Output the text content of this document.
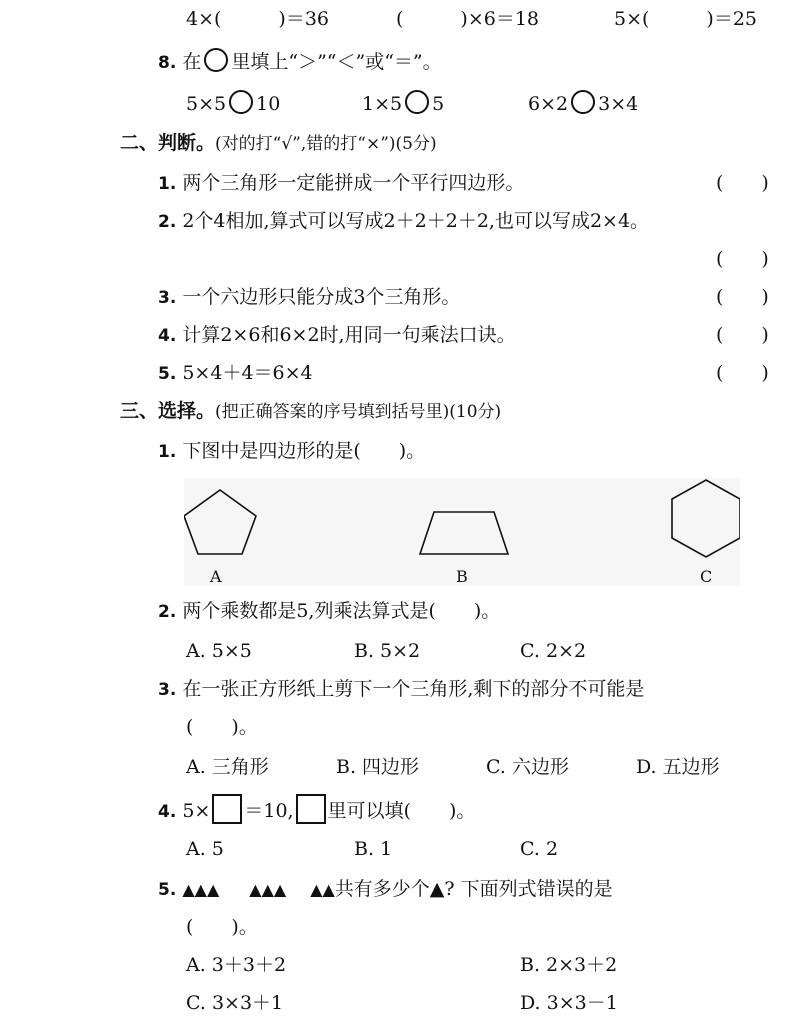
4×(　　　)＝36	(　　　)×6＝18	5×(　　　)＝25
8. 在 里填上“＞”“＜”或“＝”。
5×5 10	1×5 5	6×2 3×4
二、判断。(对的打“√”,错的打“×”)(5分)
1. 两个三角形一定能拼成一个平行四边形。	(　　)
2. 2个4相加,算式可以写成2＋2＋2＋2,也可以写成2×4。
(　　)
3. 一个六边形只能分成3个三角形。	(　　)
4. 计算2×6和6×2时,用同一句乘法口诀。	(　　)
5. 5×4＋4＝6×4	(　　)
三、选择。(把正确答案的序号填到括号里)(10分)
1. 下图中是四边形的是(　　)。
A	B	C
2. 两个乘数都是5,列乘法算式是(　　)。
A. 5×5	B. 5×2	C. 2×2
3. 在一张正方形纸上剪下一个三角形,剩下的部分不可能是
(　　)。
A. 三角形	B. 四边形	C. 六边形	D. 五边形
4. 5× ＝10, 里可以填(　　)。
A. 5	B. 1	C. 2
5. ▲▲▲ ▲▲▲ ▲▲共有多少个▲? 下面列式错误的是
(　　)。
A. 3＋3＋2	B. 2×3＋2
C. 3×3＋1	D. 3×3－1
